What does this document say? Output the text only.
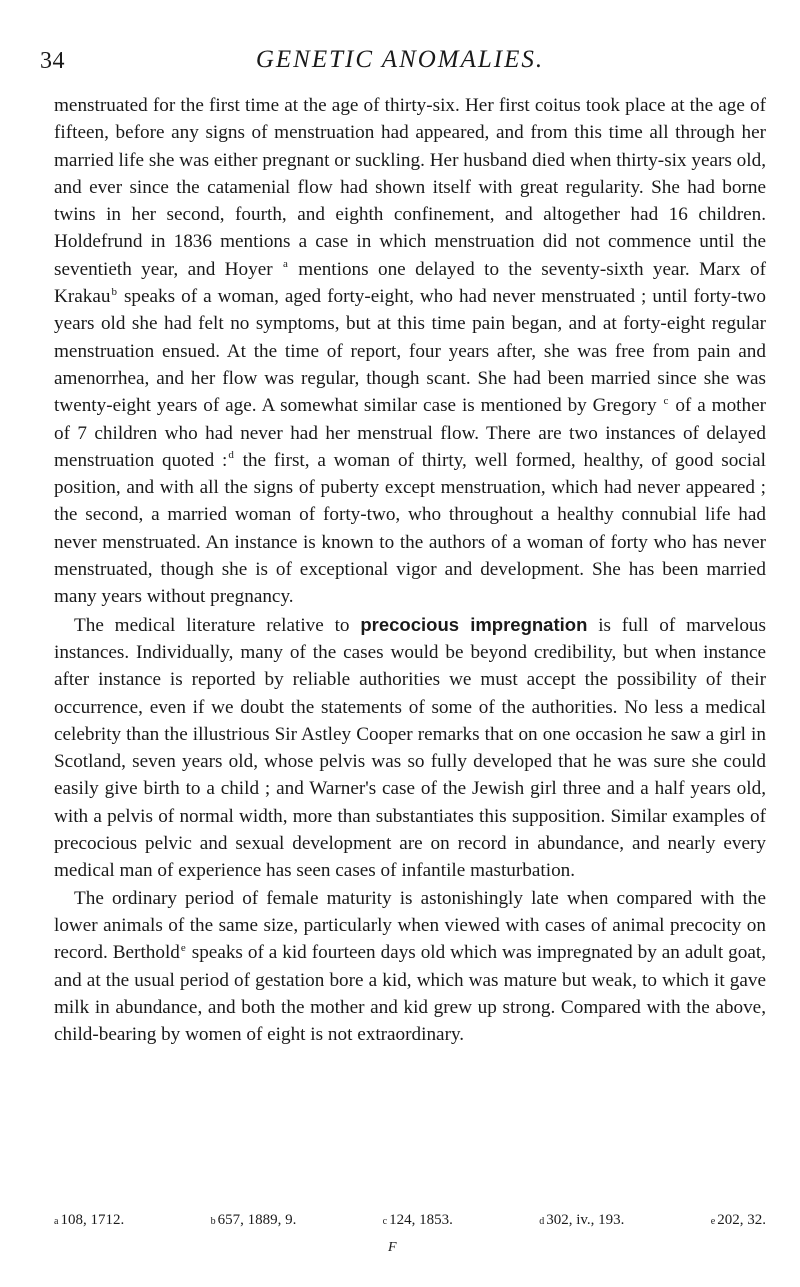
34	GENETIC ANOMALIES.

menstruated for the first time at the age of thirty-six. Her first coitus took place at the age of fifteen, before any signs of menstruation had appeared, and from this time all through her married life she was either pregnant or suckling. Her husband died when thirty-six years old, and ever since the catamenial flow had shown itself with great regularity. She had borne twins in her second, fourth, and eighth confinement, and altogether had 16 children. Holdefrund in 1836 mentions a case in which menstruation did not commence until the seventieth year, and Hoyer $^a$ mentions one delayed to the seventy-sixth year. Marx of Krakau$^b$ speaks of a woman, aged forty-eight, who had never menstruated ; until forty-two years old she had felt no symptoms, but at this time pain began, and at forty-eight regular menstruation ensued. At the time of report, four years after, she was free from pain and amenorrhea, and her flow was regular, though scant. She had been married since she was twenty-eight years of age. A somewhat similar case is mentioned by Gregory $^c$ of a mother of 7 children who had never had her menstrual flow. There are two instances of delayed menstruation quoted :$^d$ the first, a woman of thirty, well formed, healthy, of good social position, and with all the signs of puberty except menstruation, which had never appeared ; the second, a married woman of forty-two, who throughout a healthy connubial life had never menstruated. An instance is known to the authors of a woman of forty who has never menstruated, though she is of exceptional vigor and development. She has been married many years without pregnancy.

The medical literature relative to precocious impregnation is full of marvelous instances. Individually, many of the cases would be beyond credibility, but when instance after instance is reported by reliable authorities we must accept the possibility of their occurrence, even if we doubt the statements of some of the authorities. No less a medical celebrity than the illustrious Sir Astley Cooper remarks that on one occasion he saw a girl in Scotland, seven years old, whose pelvis was so fully developed that he was sure she could easily give birth to a child ; and Warner's case of the Jewish girl three and a half years old, with a pelvis of normal width, more than substantiates this supposition. Similar examples of precocious pelvic and sexual development are on record in abundance, and nearly every medical man of experience has seen cases of infantile masturbation.

The ordinary period of female maturity is astonishingly late when compared with the lower animals of the same size, particularly when viewed with cases of animal precocity on record. Berthold$^e$ speaks of a kid fourteen days old which was impregnated by an adult goat, and at the usual period of gestation bore a kid, which was mature but weak, to which it gave milk in abundance, and both the mother and kid grew up strong. Compared with the above, child-bearing by women of eight is not extraordinary.

a 108, 1712.	b 657, 1889, 9.	c 124, 1853.	d 302, iv., 193.	e 202, 32.
F
